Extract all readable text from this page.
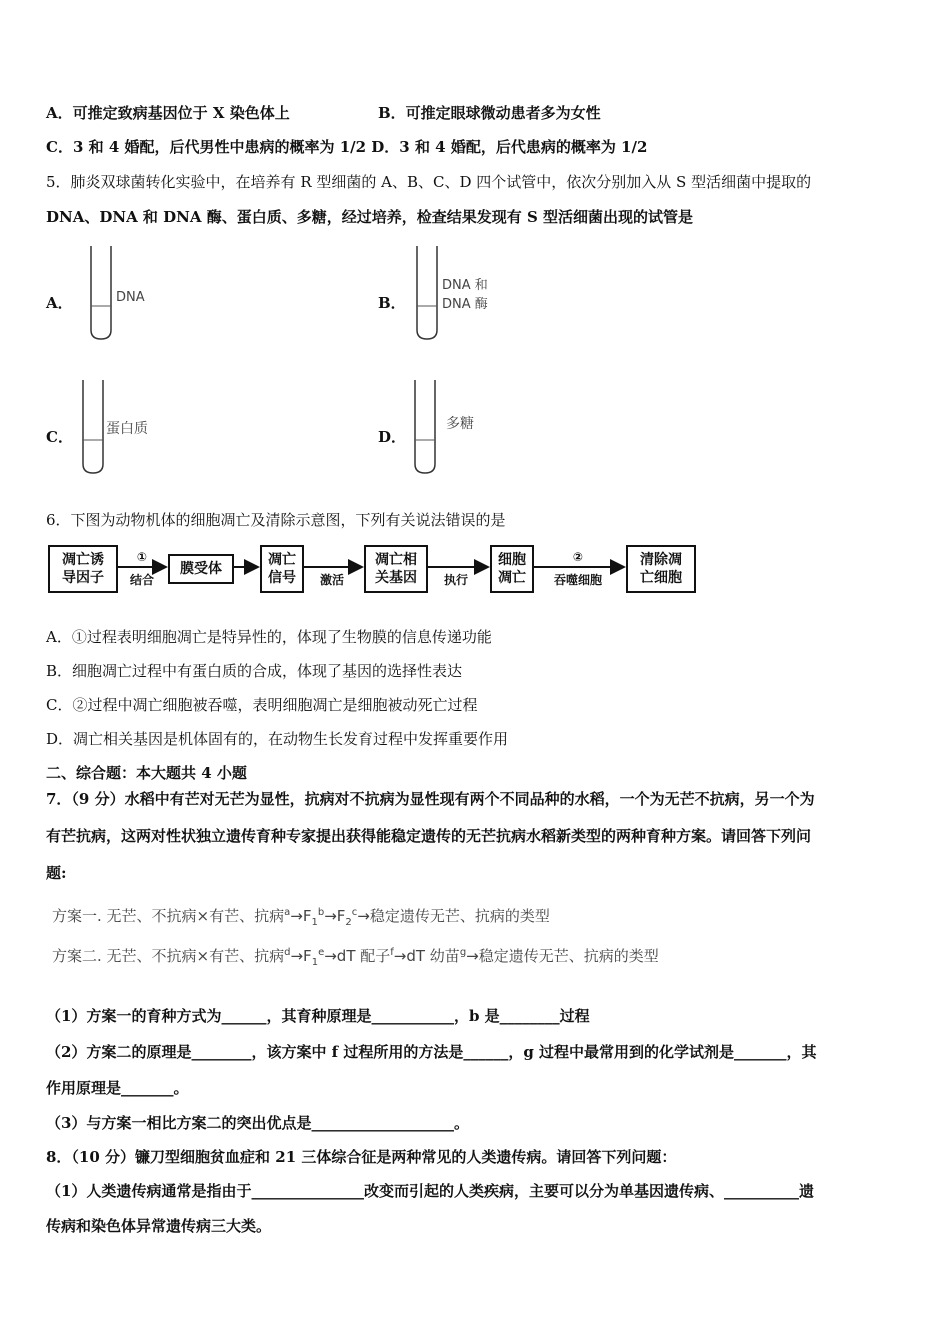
A．可推定致病基因位于 X 染色体上	B．可推定眼球微动患者多为女性
C．3 和 4 婚配，后代男性中患病的概率为 1/2 D．3 和 4 婚配，后代患病的概率为 1/2
5．肺炎双球菌转化实验中，在培养有 R 型细菌的 A、B、C、D 四个试管中，依次分别加入从 S 型活细菌中提取的
DNA、DNA 和 DNA 酶、蛋白质、多糖，经过培养，检查结果发现有 S 型活细菌出现的试管是
A．	DNA	B．
DNA 和
DNA 酶
C． 蛋白质	D．
多糖
6．下图为动物机体的细胞凋亡及清除示意图，下列有关说法错误的是
凋亡诱
导因子
膜受体
凋亡
信号
凋亡相
关基因
细胞
凋亡
清除凋
亡细胞
①
结合	激活	执行
②
吞噬细胞
A．①过程表明细胞凋亡是特异性的，体现了生物膜的信息传递功能
B．细胞凋亡过程中有蛋白质的合成，体现了基因的选择性表达
C．②过程中凋亡细胞被吞噬，表明细胞凋亡是细胞被动死亡过程
D．凋亡相关基因是机体固有的，在动物生长发育过程中发挥重要作用
二、综合题：本大题共 4 小题
7．（9 分）水稻中有芒对无芒为显性，抗病对不抗病为显性现有两个不同品种的水稻，一个为无芒不抗病，另一个为
有芒抗病，这两对性状独立遗传育种专家提出获得能稳定遗传的无芒抗病水稻新类型的两种育种方案。请回答下列问
题:
方案一. 无芒、不抗病×有芒、抗病$^a\to F_1^b\to F_2^c\to$稳定遗传无芒、抗病的类型
方案二. 无芒、不抗病×有芒、抗病$^d\to F_1^e\to dT$ 配子$^f$→dT 幼苗$^g$→稳定遗传无芒、抗病的类型
（1）方案一的育种方式为______，其育种原理是___________，b 是________过程
（2）方案二的原理是________，该方案中 f 过程所用的方法是______，g 过程中最常用到的化学试剂是_______，其
作用原理是_______。
（3）与方案一相比方案二的突出优点是___________________。
8．（10 分）镰刀型细胞贫血症和 21 三体综合征是两种常见的人类遗传病。请回答下列问题：
（1）人类遗传病通常是指由于_______________改变而引起的人类疾病，主要可以分为单基因遗传病、__________遗
传病和染色体异常遗传病三大类。
